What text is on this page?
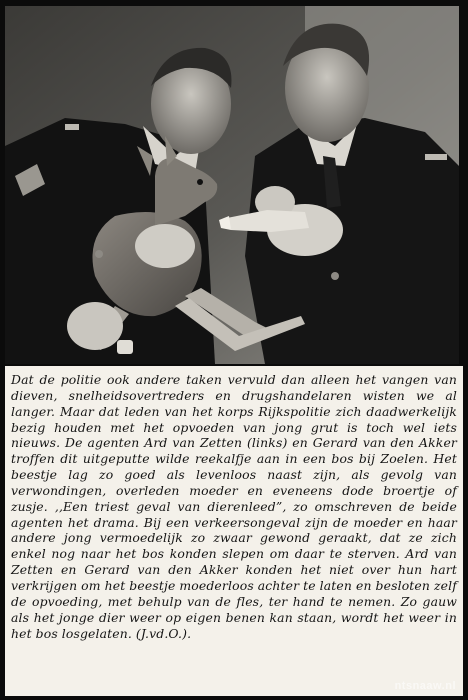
Dat de politie ook andere taken vervuld dan alleen het vangen van dieven, snelheidsovertreders en drugshandelaren wisten we al langer. Maar dat leden van het korps Rijkspolitie zich daadwerkelijk bezig houden met het opvoeden van jong grut is toch wel iets nieuws. De agenten Ard van Zetten (links) en Gerard van den Akker troffen dit uitgeputte wilde reekalfje aan in een bos bij Zoelen. Het beestje lag zo goed als levenloos naast zijn, als gevolg van verwondingen, overleden moeder en eveneens dode broertje of zusje. ,,Een triest geval van dierenleed”, zo omschreven de beide agenten het drama. Bij een verkeersongeval zijn de moeder en haar andere jong vermoedelijk zo zwaar gewond geraakt, dat ze zich enkel nog naar het bos konden slepen om daar te sterven. Ard van Zetten en Gerard van den Akker konden het niet over hun hart verkrijgen om het beestje moederloos achter te laten en besloten zelf de opvoeding, met behulp van de fles, ter hand te nemen. Zo gauw als het jonge dier weer op eigen benen kan staan, wordt het weer in het bos losgelaten. (J.vd.O.).
ntsnaaw.nl
